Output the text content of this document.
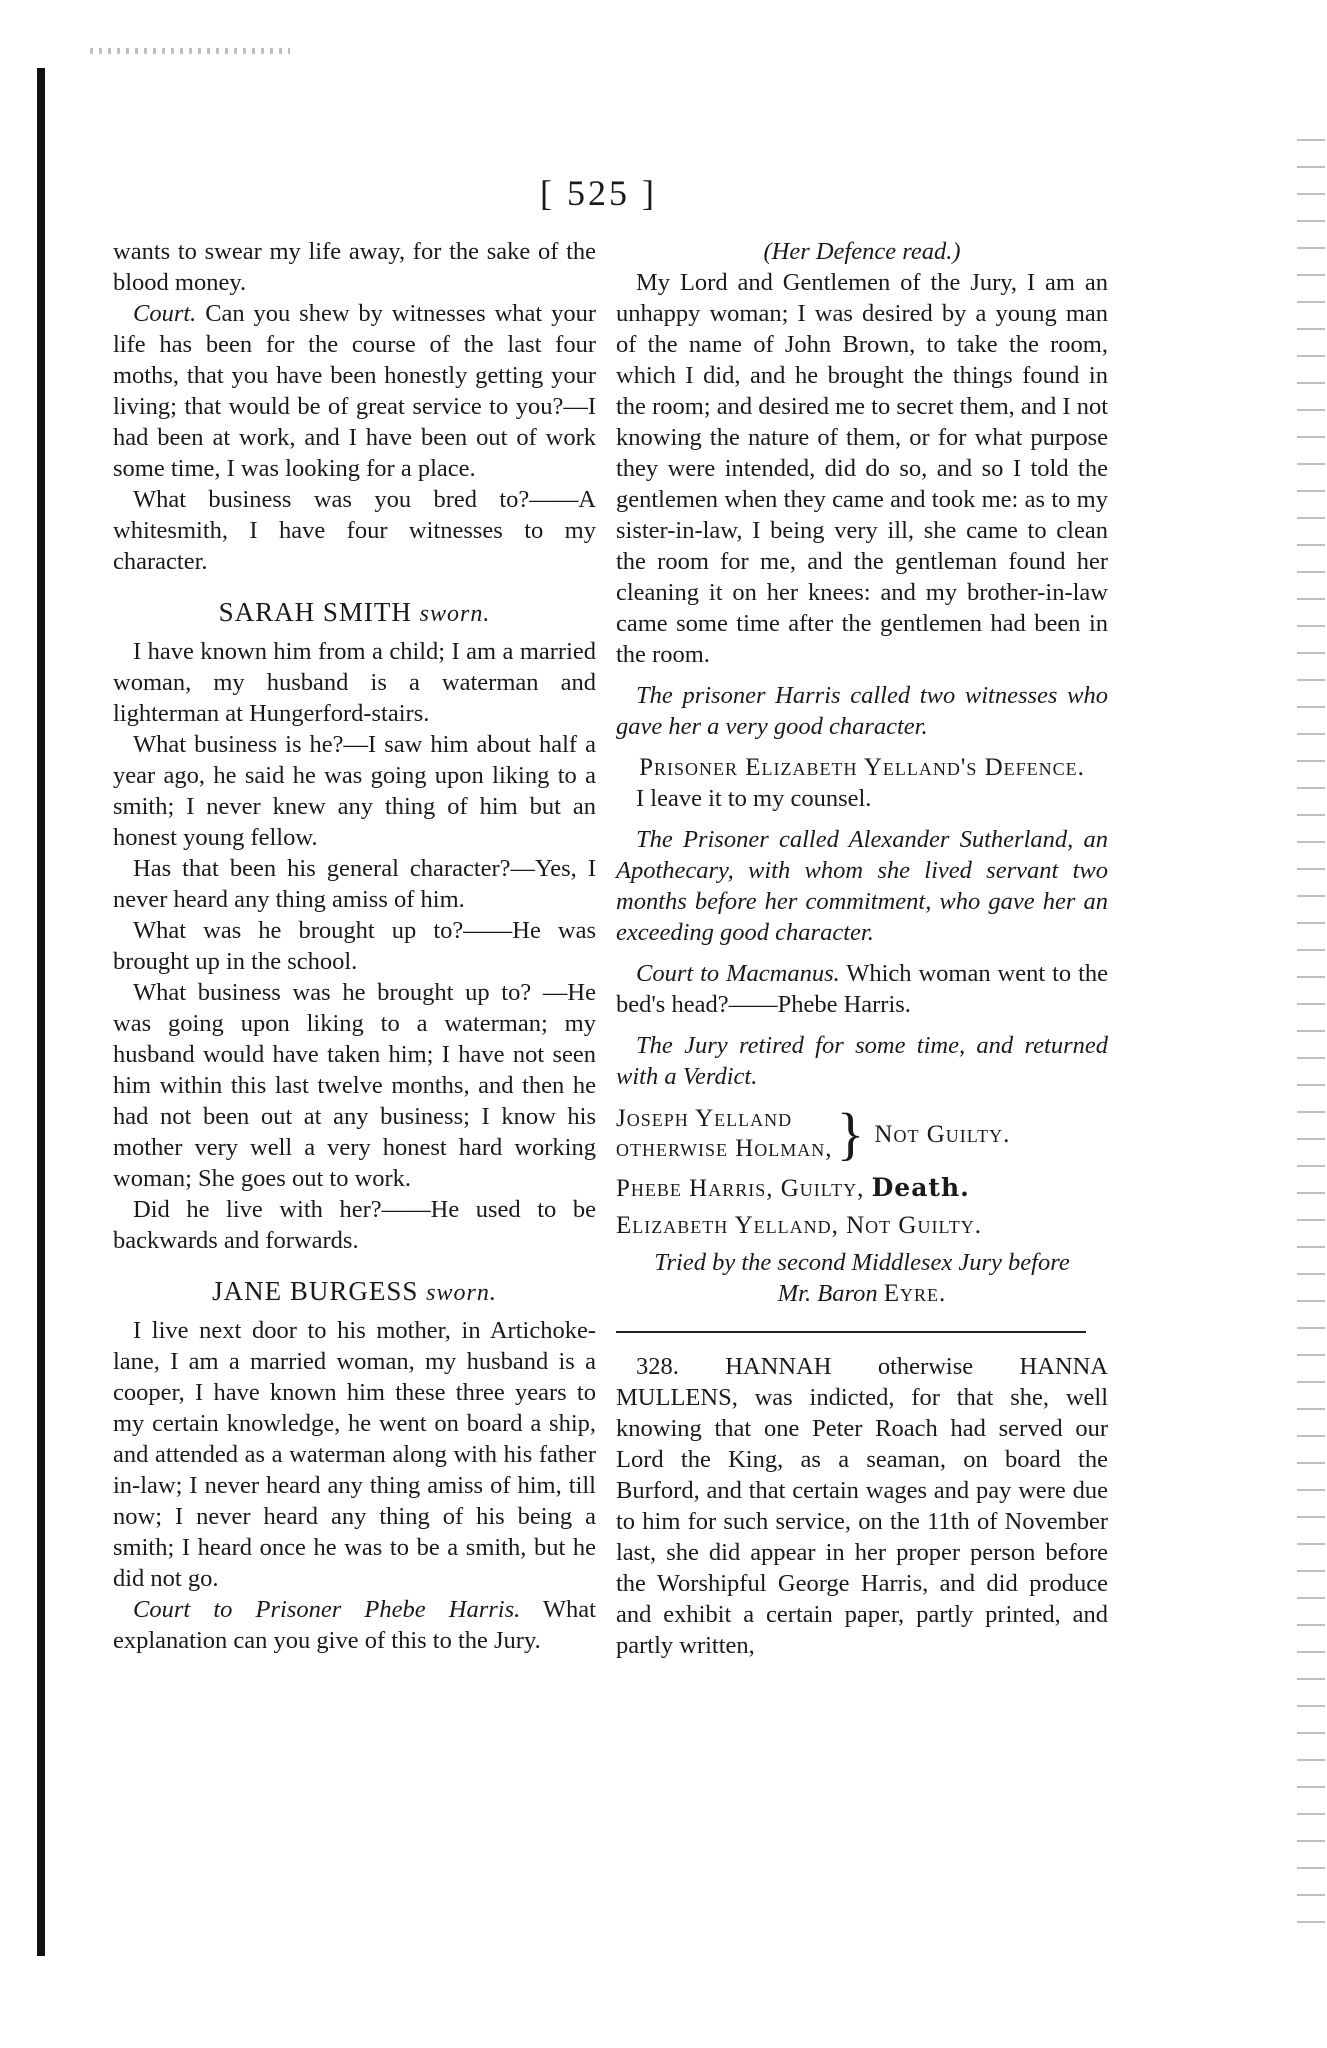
[ 525 ]

wants to swear my life away, for the sake of the blood money.

Court. Can you shew by witnesses what your life has been for the course of the last four moths, that you have been honestly getting your living; that would be of great service to you?—I had been at work, and I have been out of work some time, I was looking for a place.

What business was you bred to?——A whitesmith, I have four witnesses to my character.

SARAH SMITH sworn.

I have known him from a child; I am a married woman, my husband is a waterman and lighterman at Hungerford-stairs.

What business is he?—I saw him about half a year ago, he said he was going upon liking to a smith; I never knew any thing of him but an honest young fellow.

Has that been his general character?—Yes, I never heard any thing amiss of him.

What was he brought up to?——He was brought up in the school.

What business was he brought up to? —He was going upon liking to a waterman; my husband would have taken him; I have not seen him within this last twelve months, and then he had not been out at any business; I know his mother very well a very honest hard working woman; She goes out to work.

Did he live with her?——He used to be backwards and forwards.

JANE BURGESS sworn.

I live next door to his mother, in Artichoke-lane, I am a married woman, my husband is a cooper, I have known him these three years to my certain knowledge, he went on board a ship, and attended as a waterman along with his father in-law; I never heard any thing amiss of him, till now; I never heard any thing of his being a smith; I heard once he was to be a smith, but he did not go.

Court to Prisoner Phebe Harris. What explanation can you give of this to the Jury.

(Her Defence read.)

My Lord and Gentlemen of the Jury, I am an unhappy woman; I was desired by a young man of the name of John Brown, to take the room, which I did, and he brought the things found in the room; and desired me to secret them, and I not knowing the nature of them, or for what purpose they were intended, did do so, and so I told the gentlemen when they came and took me: as to my sister-in-law, I being very ill, she came to clean the room for me, and the gentleman found her cleaning it on her knees: and my brother-in-law came some time after the gentlemen had been in the room.

The prisoner Harris called two witnesses who gave her a very good character.

Prisoner Elizabeth Yelland's Defence.

I leave it to my counsel.

The Prisoner called Alexander Sutherland, an Apothecary, with whom she lived servant two months before her commitment, who gave her an exceeding good character.

Court to Macmanus. Which woman went to the bed's head?——Phebe Harris.

The Jury retired for some time, and returned with a Verdict.

Joseph Yelland
otherwise Holman, } Not Guilty.
Phebe Harris, Guilty, Death.
Elizabeth Yelland, Not Guilty.

Tried by the second Middlesex Jury before

Mr. Baron Eyre.

328. HANNAH otherwise HANNA MULLENS, was indicted, for that she, well knowing that one Peter Roach had served our Lord the King, as a seaman, on board the Burford, and that certain wages and pay were due to him for such service, on the 11th of November last, she did appear in her proper person before the Worshipful George Harris, and did produce and exhibit a certain paper, partly printed, and partly written,
